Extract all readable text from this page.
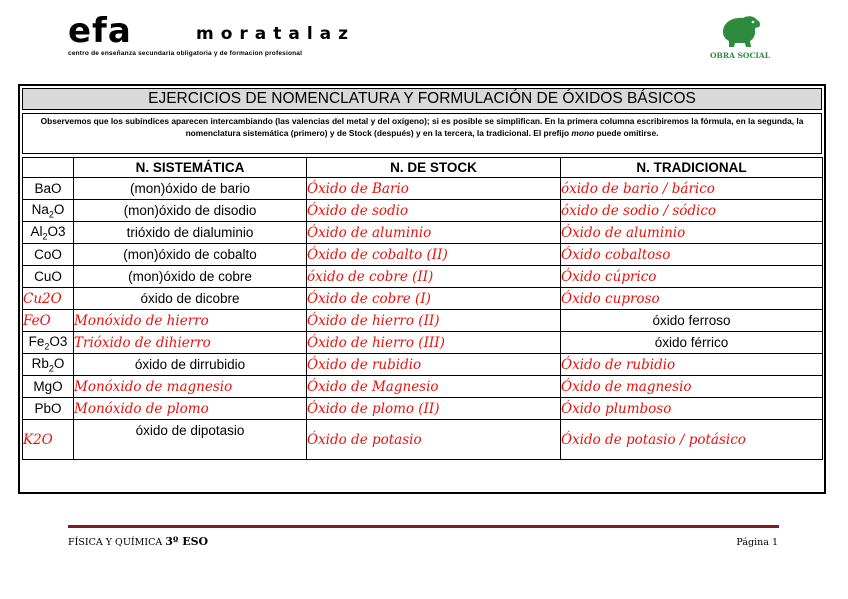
efa	moratalaz
centro de enseñanza secundaria obligatoria y de formacion profesional	OBRA SOCIAL
EJERCICIOS DE NOMENCLATURA Y FORMULACIÓN DE ÓXIDOS BÁSICOS
Observemos que los subíndices aparecen intercambiando (las valencias del metal y del oxígeno); si es posible se simplifican. En la primera columna escribiremos la fórmula, en la segunda, la nomenclatura sistemática (primero) y de Stock (después) y en la tercera, la tradicional. El prefijo mono puede omitirse.
	N. SISTEMÁTICA	N. DE STOCK	N. TRADICIONAL
BaO	(mon)óxido de bario	Óxido de Bario	óxido de bario / bárico
$Na_2O$	(mon)óxido de disodio	Óxido de sodio	óxido de sodio / sódico
$Al_2O3$	trióxido de dialuminio	Óxido de aluminio	Óxido de aluminio
CoO	(mon)óxido de cobalto	Óxido de cobalto (II)	Óxido cobaltoso
CuO	(mon)óxido de cobre	óxido de cobre (II)	Óxido cúprico
Cu2O	óxido de dicobre	Óxido de cobre (I)	Óxido cuproso
FeO	Monóxido de hierro	Óxido de hierro (II)	óxido ferroso
$Fe_2O3$	Trióxido de dihierro	Óxido de hierro (III)	óxido férrico
$Rb_2O$	óxido de dirrubidio	Óxido de rubidio	Óxido de rubidio
MgO	Monóxido de magnesio	Óxido de Magnesio	Óxido de magnesio
PbO	Monóxido de plomo	Óxido de plomo (II)	Óxido plumboso
K2O	óxido de dipotasio	Óxido de potasio	Óxido de potasio / potásico
FÍSICA Y QUÍMICA 3º ESO	Página 1
